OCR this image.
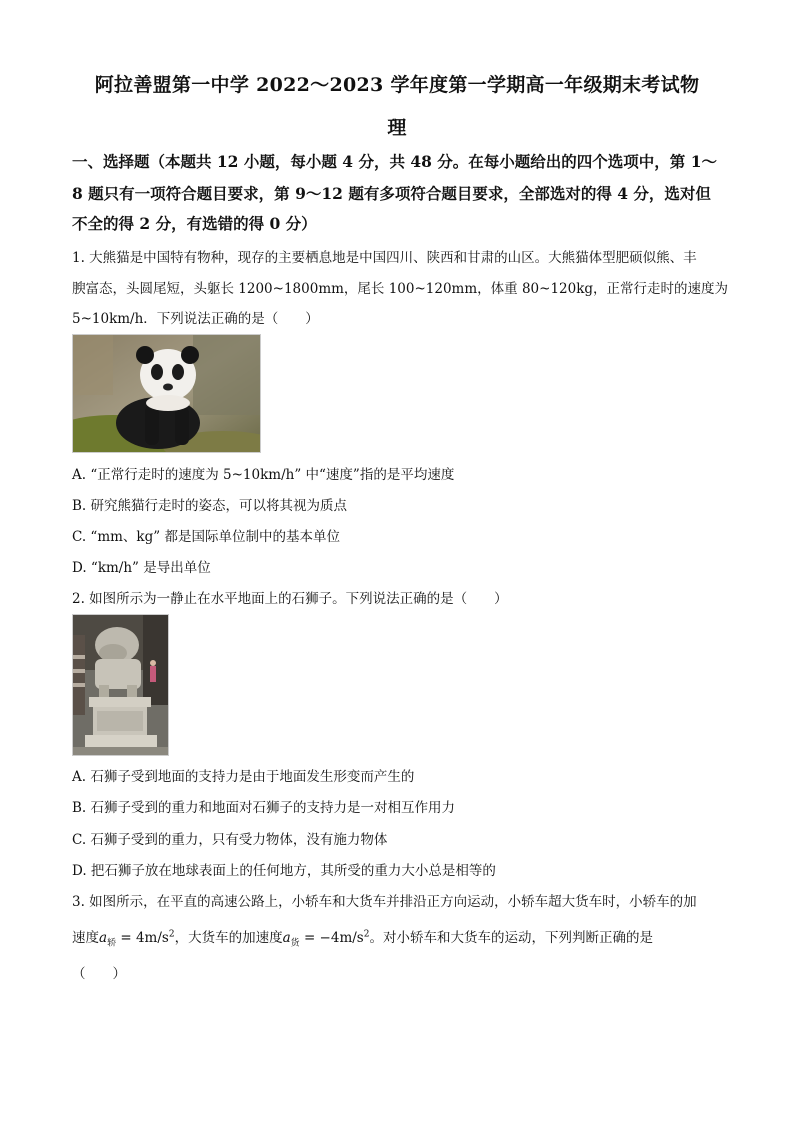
阿拉善盟第一中学 2022～2023 学年度第一学期高一年级期末考试物
理
一、选择题（本题共 12 小题，每小题 4 分，共 48 分。在每小题给出的四个选项中，第 1～
8 题只有一项符合题目要求，第 9～12 题有多项符合题目要求，全部选对的得 4 分，选对但
不全的得 2 分，有选错的得 0 分）
1. 大熊猫是中国特有物种，现存的主要栖息地是中国四川、陕西和甘肃的山区。大熊猫体型肥硕似熊、丰
腴富态，头圆尾短，头躯长 1200~1800mm，尾长 100~120mm，体重 80~120kg，正常行走时的速度为
5~10km/h．下列说法正确的是（　　）
A. “正常行走时的速度为 5~10km/h” 中“速度”指的是平均速度
B. 研究熊猫行走时的姿态，可以将其视为质点
C. “mm、kg” 都是国际单位制中的基本单位
D. “km/h” 是导出单位
2. 如图所示为一静止在水平地面上的石狮子。下列说法正确的是（　　）
A. 石狮子受到地面的支持力是由于地面发生形变而产生的
B. 石狮子受到的重力和地面对石狮子的支持力是一对相互作用力
C. 石狮子受到的重力，只有受力物体，没有施力物体
D. 把石狮子放在地球表面上的任何地方，其所受的重力大小总是相等的
3. 如图所示，在平直的高速公路上，小轿车和大货车并排沿正方向运动，小轿车超大货车时，小轿车的加
速度$a_轿 = 4m/s^2$，大货车的加速度$a_货 = -4m/s^2$。对小轿车和大货车的运动，下列判断正确的是
（　　）
